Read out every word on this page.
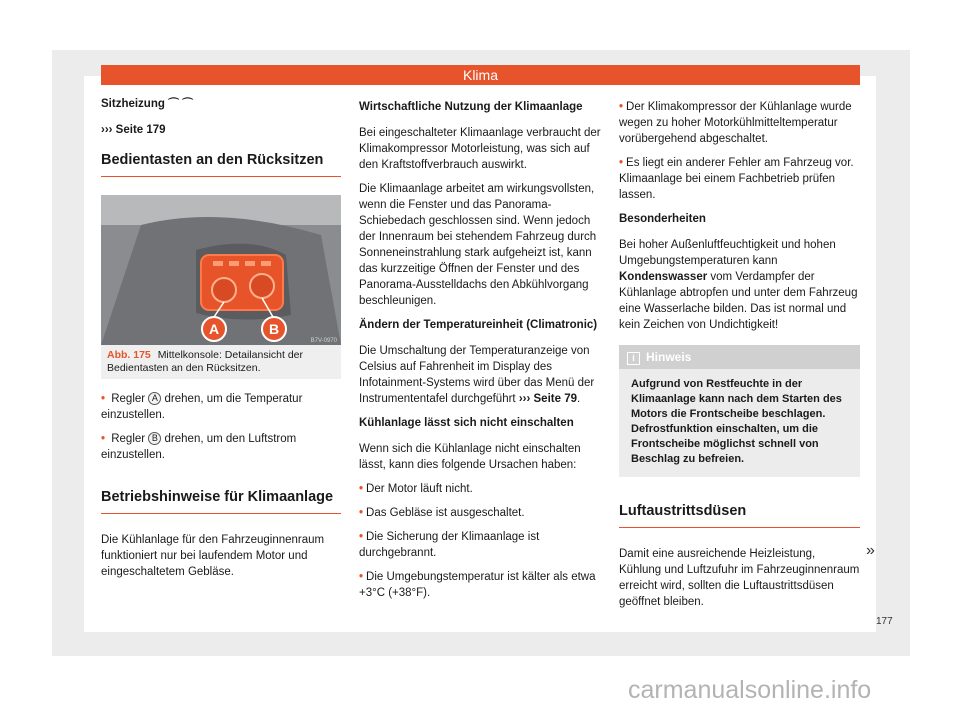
Klima

Sitzheizung ⌒ ⌒

››› Seite 179

Bedientasten an den Rücksitzen
A	B
B7V-0970
Abb. 175 Mittelkonsole: Detailansicht der Bedientasten an den Rücksitzen.

• Regler A drehen, um die Temperatur einzustellen.

• Regler B drehen, um den Luftstrom einzustellen.

Betriebshinweise für Klimaanlage

Die Kühlanlage für den Fahrzeuginnenraum funktioniert nur bei laufendem Motor und eingeschaltetem Gebläse.

Wirtschaftliche Nutzung der Klimaanlage

Bei eingeschalteter Klimaanlage verbraucht der Klimakompressor Motorleistung, was sich auf den Kraftstoffverbrauch auswirkt.

Die Klimaanlage arbeitet am wirkungsvollsten, wenn die Fenster und das Panorama-Schiebedach geschlossen sind. Wenn jedoch der Innenraum bei stehendem Fahrzeug durch Sonneneinstrahlung stark aufgeheizt ist, kann das kurzzeitige Öffnen der Fenster und des Panorama-Ausstelldachs den Abkühlvorgang beschleunigen.

Ändern der Temperatureinheit (Climatronic)

Die Umschaltung der Temperaturanzeige von Celsius auf Fahrenheit im Display des Infotainment-Systems wird über das Menü der Instrumententafel durchgeführt ››› Seite 79.

Kühlanlage lässt sich nicht einschalten

Wenn sich die Kühlanlage nicht einschalten lässt, kann dies folgende Ursachen haben:

• Der Motor läuft nicht.

• Das Gebläse ist ausgeschaltet.

• Die Sicherung der Klimaanlage ist durchgebrannt.

• Die Umgebungstemperatur ist kälter als etwa +3°C (+38°F).

• Der Klimakompressor der Kühlanlage wurde wegen zu hoher Motorkühlmitteltemperatur vorübergehend abgeschaltet.

• Es liegt ein anderer Fehler am Fahrzeug vor. Klimaanlage bei einem Fachbetrieb prüfen lassen.

Besonderheiten

Bei hoher Außenluftfeuchtigkeit und hohen Umgebungstemperaturen kann Kondenswasser vom Verdampfer der Kühlanlage abtropfen und unter dem Fahrzeug eine Wasserlache bilden. Das ist normal und kein Zeichen von Undichtigkeit!

i Hinweis
Aufgrund von Restfeuchte in der Klimaanlage kann nach dem Starten des Motors die Frontscheibe beschlagen. Defrostfunktion einschalten, um die Frontscheibe möglichst schnell von Beschlag zu befreien.
Luftaustrittsdüsen

Damit eine ausreichende Heizleistung, Kühlung und Luftzufuhr im Fahrzeuginnenraum erreicht wird, sollten die Luftaustrittsdüsen geöffnet bleiben.

»
177
carmanualsonline.info
